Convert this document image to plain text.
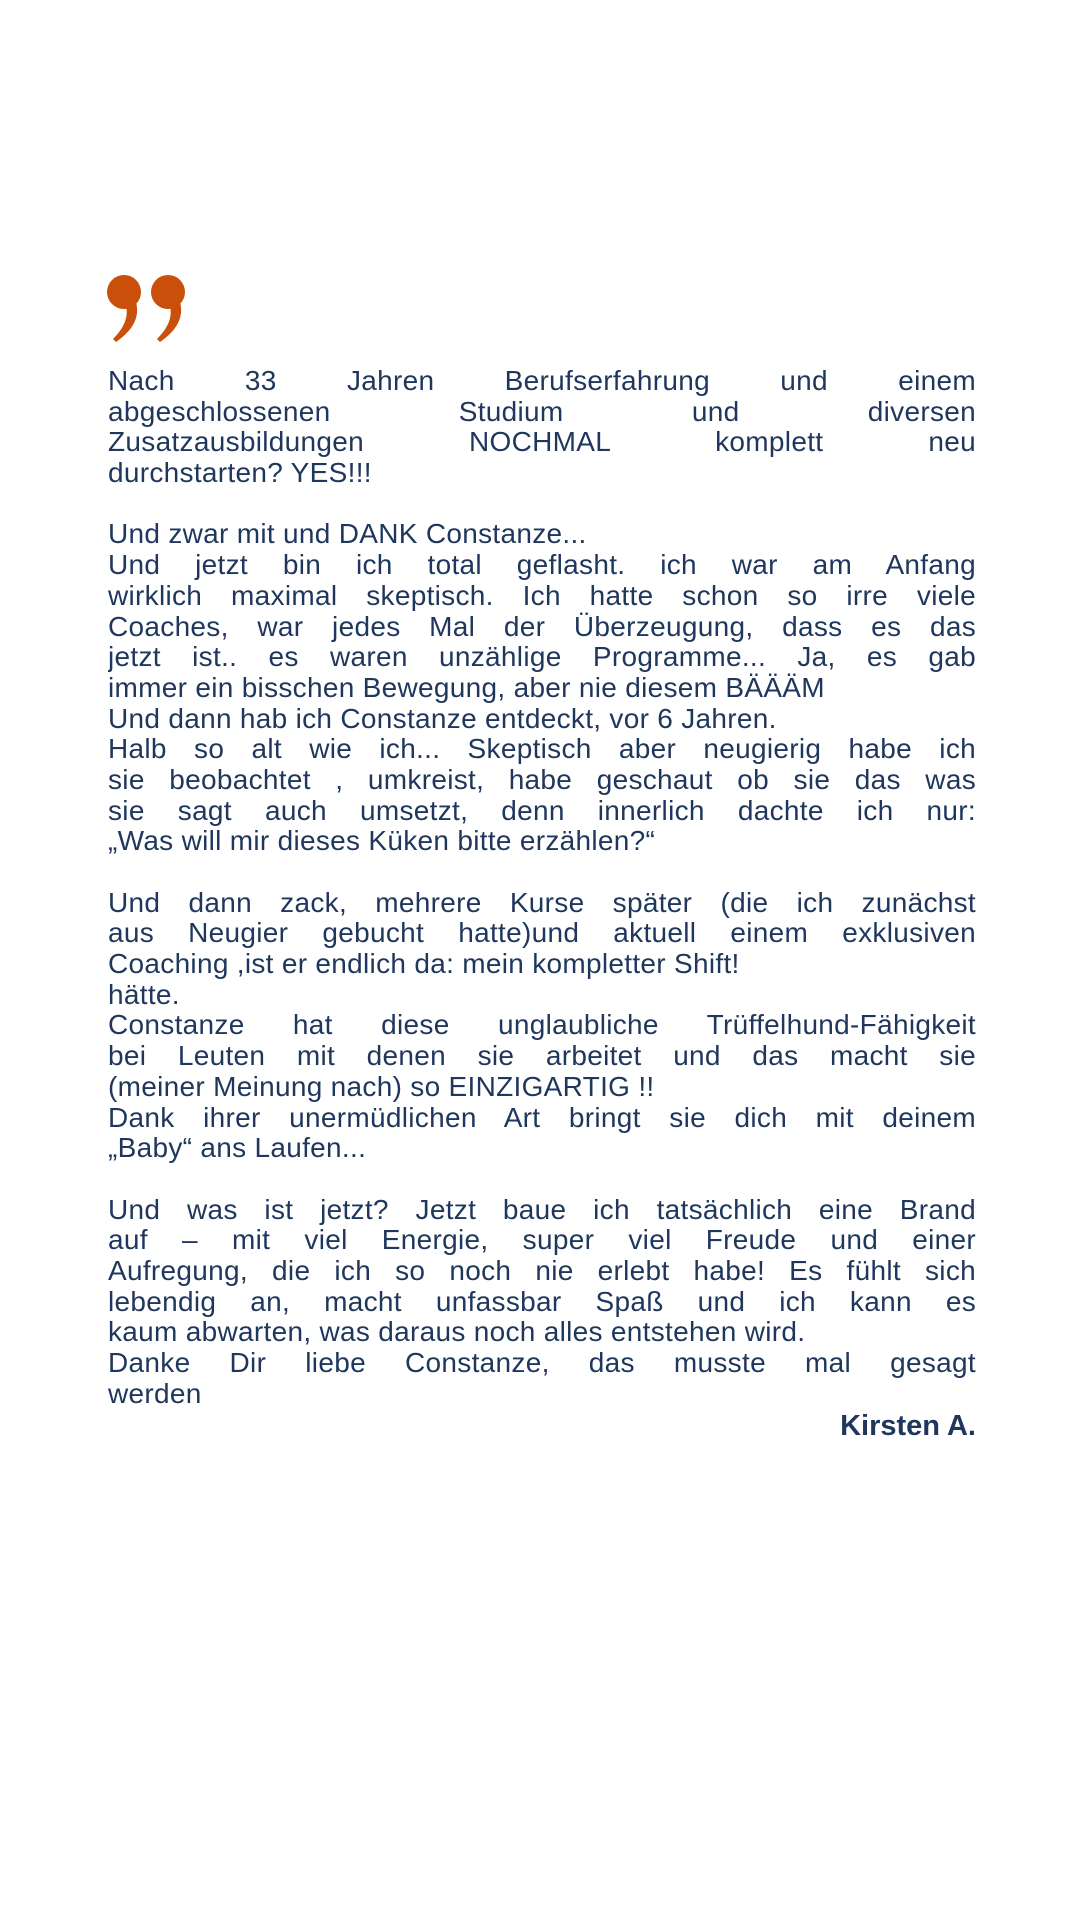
Nach 33 Jahren Berufserfahrung und einem
abgeschlossenen Studium und diversen
Zusatzausbildungen NOCHMAL komplett neu
durchstarten? YES!!!
Und zwar mit und DANK Constanze...
Und jetzt bin ich total geflasht. ich war am Anfang
wirklich maximal skeptisch. Ich hatte schon so irre viele
Coaches, war jedes Mal der Überzeugung, dass es das
jetzt ist.. es waren unzählige Programme... Ja, es gab
immer ein bisschen Bewegung, aber nie diesem BÄÄÄM
Und dann hab ich Constanze entdeckt, vor 6 Jahren.
Halb so alt wie ich... Skeptisch aber neugierig habe ich
sie beobachtet , umkreist, habe geschaut ob sie das was
sie sagt auch umsetzt, denn innerlich dachte ich nur:
„Was will mir dieses Küken bitte erzählen?“
Und dann zack, mehrere Kurse später (die ich zunächst
aus Neugier gebucht hatte)und aktuell einem exklusiven
Coaching ,ist er endlich da: mein kompletter Shift!
hätte.
Constanze hat diese unglaubliche Trüffelhund-Fähigkeit
bei Leuten mit denen sie arbeitet und das macht sie
(meiner Meinung nach) so EINZIGARTIG !!
Dank ihrer unermüdlichen Art bringt sie dich mit deinem
„Baby“ ans Laufen...
Und was ist jetzt? Jetzt baue ich tatsächlich eine Brand
auf – mit viel Energie, super viel Freude und einer
Aufregung, die ich so noch nie erlebt habe! Es fühlt sich
lebendig an, macht unfassbar Spaß und ich kann es
kaum abwarten, was daraus noch alles entstehen wird.
Danke Dir liebe Constanze, das musste mal gesagt
werden
Kirsten A.
